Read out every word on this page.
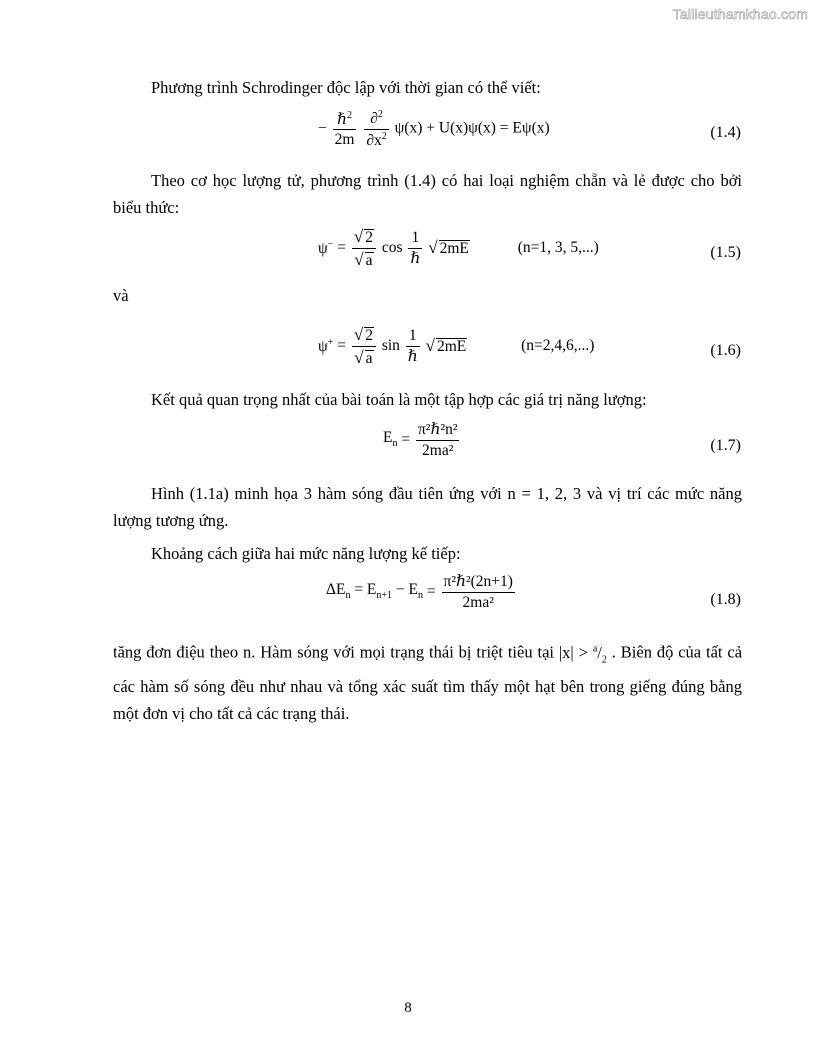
Tailieuthamkhao.com
Phương trình Schrodinger độc lập với thời gian có thể viết:
− $\frac{\hbar^2}{2m}$
$\frac{\partial^2}{\partial x^2} \psi(x) + U(x)\psi(x) = E\psi(x)$	(1.4)
Theo cơ học lượng tử, phương trình (1.4) có hai loại nghiệm chẵn và lẻ được cho bởi biểu thức:
$\psi^- = \frac{√ 2}{√ a}$ $\cos \frac{1}{\text{ℏ}}$ √ 2mE	(n=1, 3, 5,...)	(1.5)
và
$\psi^+ = \frac{√ 2}{√ a}$ $\sin \frac{1}{\text{ℏ}}$ √ 2mE	(n=2,4,6,...)	(1.6)
Kết quả quan trọng nhất của bài toán là một tập hợp các giá trị năng lượng:
$E_n = \frac{\text{π²ℏ²n²}}{\text{2ma²}}$	(1.7)
Hình (1.1a) minh họa 3 hàm sóng đầu tiên ứng với n = 1, 2, 3 và vị trí các mức năng lượng tương ứng.
Khoảng cách giữa hai mức năng lượng kế tiếp:
$\Delta E_n = E_{n+1} - E_n = \frac{\text{π²ℏ²(2n+1)}}{\text{2ma²}}$	(1.8)
tăng đơn điệu theo n. Hàm sóng với mọi trạng thái bị triệt tiêu tại $|x| > ^a/_2$ . Biên độ của tất cả các hàm số sóng đều như nhau và tổng xác suất tìm thấy một hạt bên trong giếng đúng bằng một đơn vị cho tất cả các trạng thái.
8
